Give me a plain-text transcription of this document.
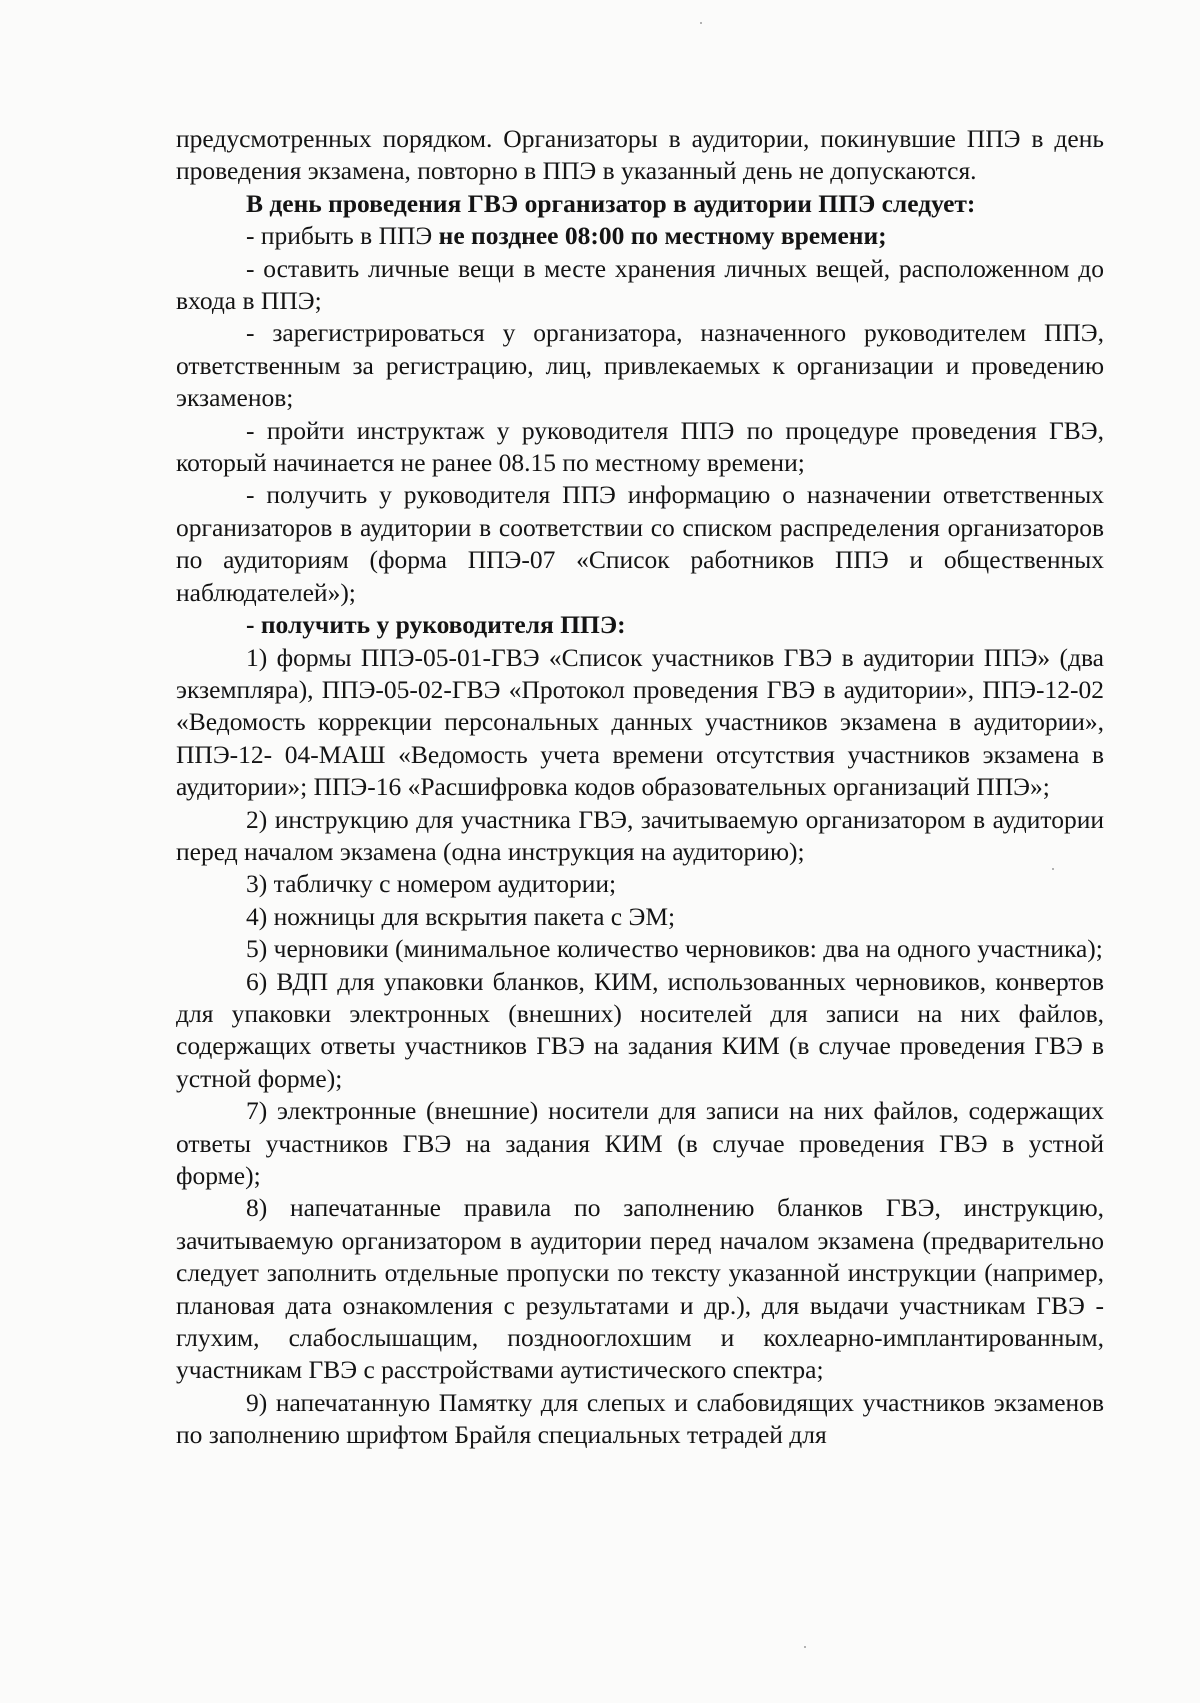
предусмотренных порядком. Организаторы в аудитории, покинувшие ППЭ в день проведения экзамена, повторно в ППЭ в указанный день не допускаются.

В день проведения ГВЭ организатор в аудитории ППЭ следует:

- прибыть в ППЭ не позднее 08:00 по местному времени;

- оставить личные вещи в месте хранения личных вещей, расположенном до входа в ППЭ;

- зарегистрироваться у организатора, назначенного руководителем ППЭ, ответственным за регистрацию, лиц, привлекаемых к организации и проведению экзаменов;

- пройти инструктаж у руководителя ППЭ по процедуре проведения ГВЭ, который начинается не ранее 08.15 по местному времени;

- получить у руководителя ППЭ информацию о назначении ответственных организаторов в аудитории в соответствии со списком распределения организаторов по аудиториям (форма ППЭ-07 «Список работников ППЭ и общественных наблюдателей»);

- получить у руководителя ППЭ:

1) формы ППЭ-05-01-ГВЭ «Список участников ГВЭ в аудитории ППЭ» (два экземпляра), ППЭ-05-02-ГВЭ «Протокол проведения ГВЭ в аудитории», ППЭ-12-02 «Ведомость коррекции персональных данных участников экзамена в аудитории», ППЭ-12- 04-МАШ «Ведомость учета времени отсутствия участников экзамена в аудитории»; ППЭ-16 «Расшифровка кодов образовательных организаций ППЭ»;

2) инструкцию для участника ГВЭ, зачитываемую организатором в аудитории перед началом экзамена (одна инструкция на аудиторию);

3) табличку с номером аудитории;

4) ножницы для вскрытия пакета с ЭМ;

5) черновики (минимальное количество черновиков: два на одного участника);

6) ВДП для упаковки бланков, КИМ, использованных черновиков, конвертов для упаковки электронных (внешних) носителей для записи на них файлов, содержащих ответы участников ГВЭ на задания КИМ (в случае проведения ГВЭ в устной форме);

7) электронные (внешние) носители для записи на них файлов, содержащих ответы участников ГВЭ на задания КИМ (в случае проведения ГВЭ в устной форме);

8) напечатанные правила по заполнению бланков ГВЭ, инструкцию, зачитываемую организатором в аудитории перед началом экзамена (предварительно следует заполнить отдельные пропуски по тексту указанной инструкции (например, плановая дата ознакомления с результатами и др.), для выдачи участникам ГВЭ - глухим, слабослышащим, позднооглохшим и кохлеарно-имплантированным, участникам ГВЭ с расстройствами аутистического спектра;

9) напечатанную Памятку для слепых и слабовидящих участников экзаменов по заполнению шрифтом Брайля специальных тетрадей для
